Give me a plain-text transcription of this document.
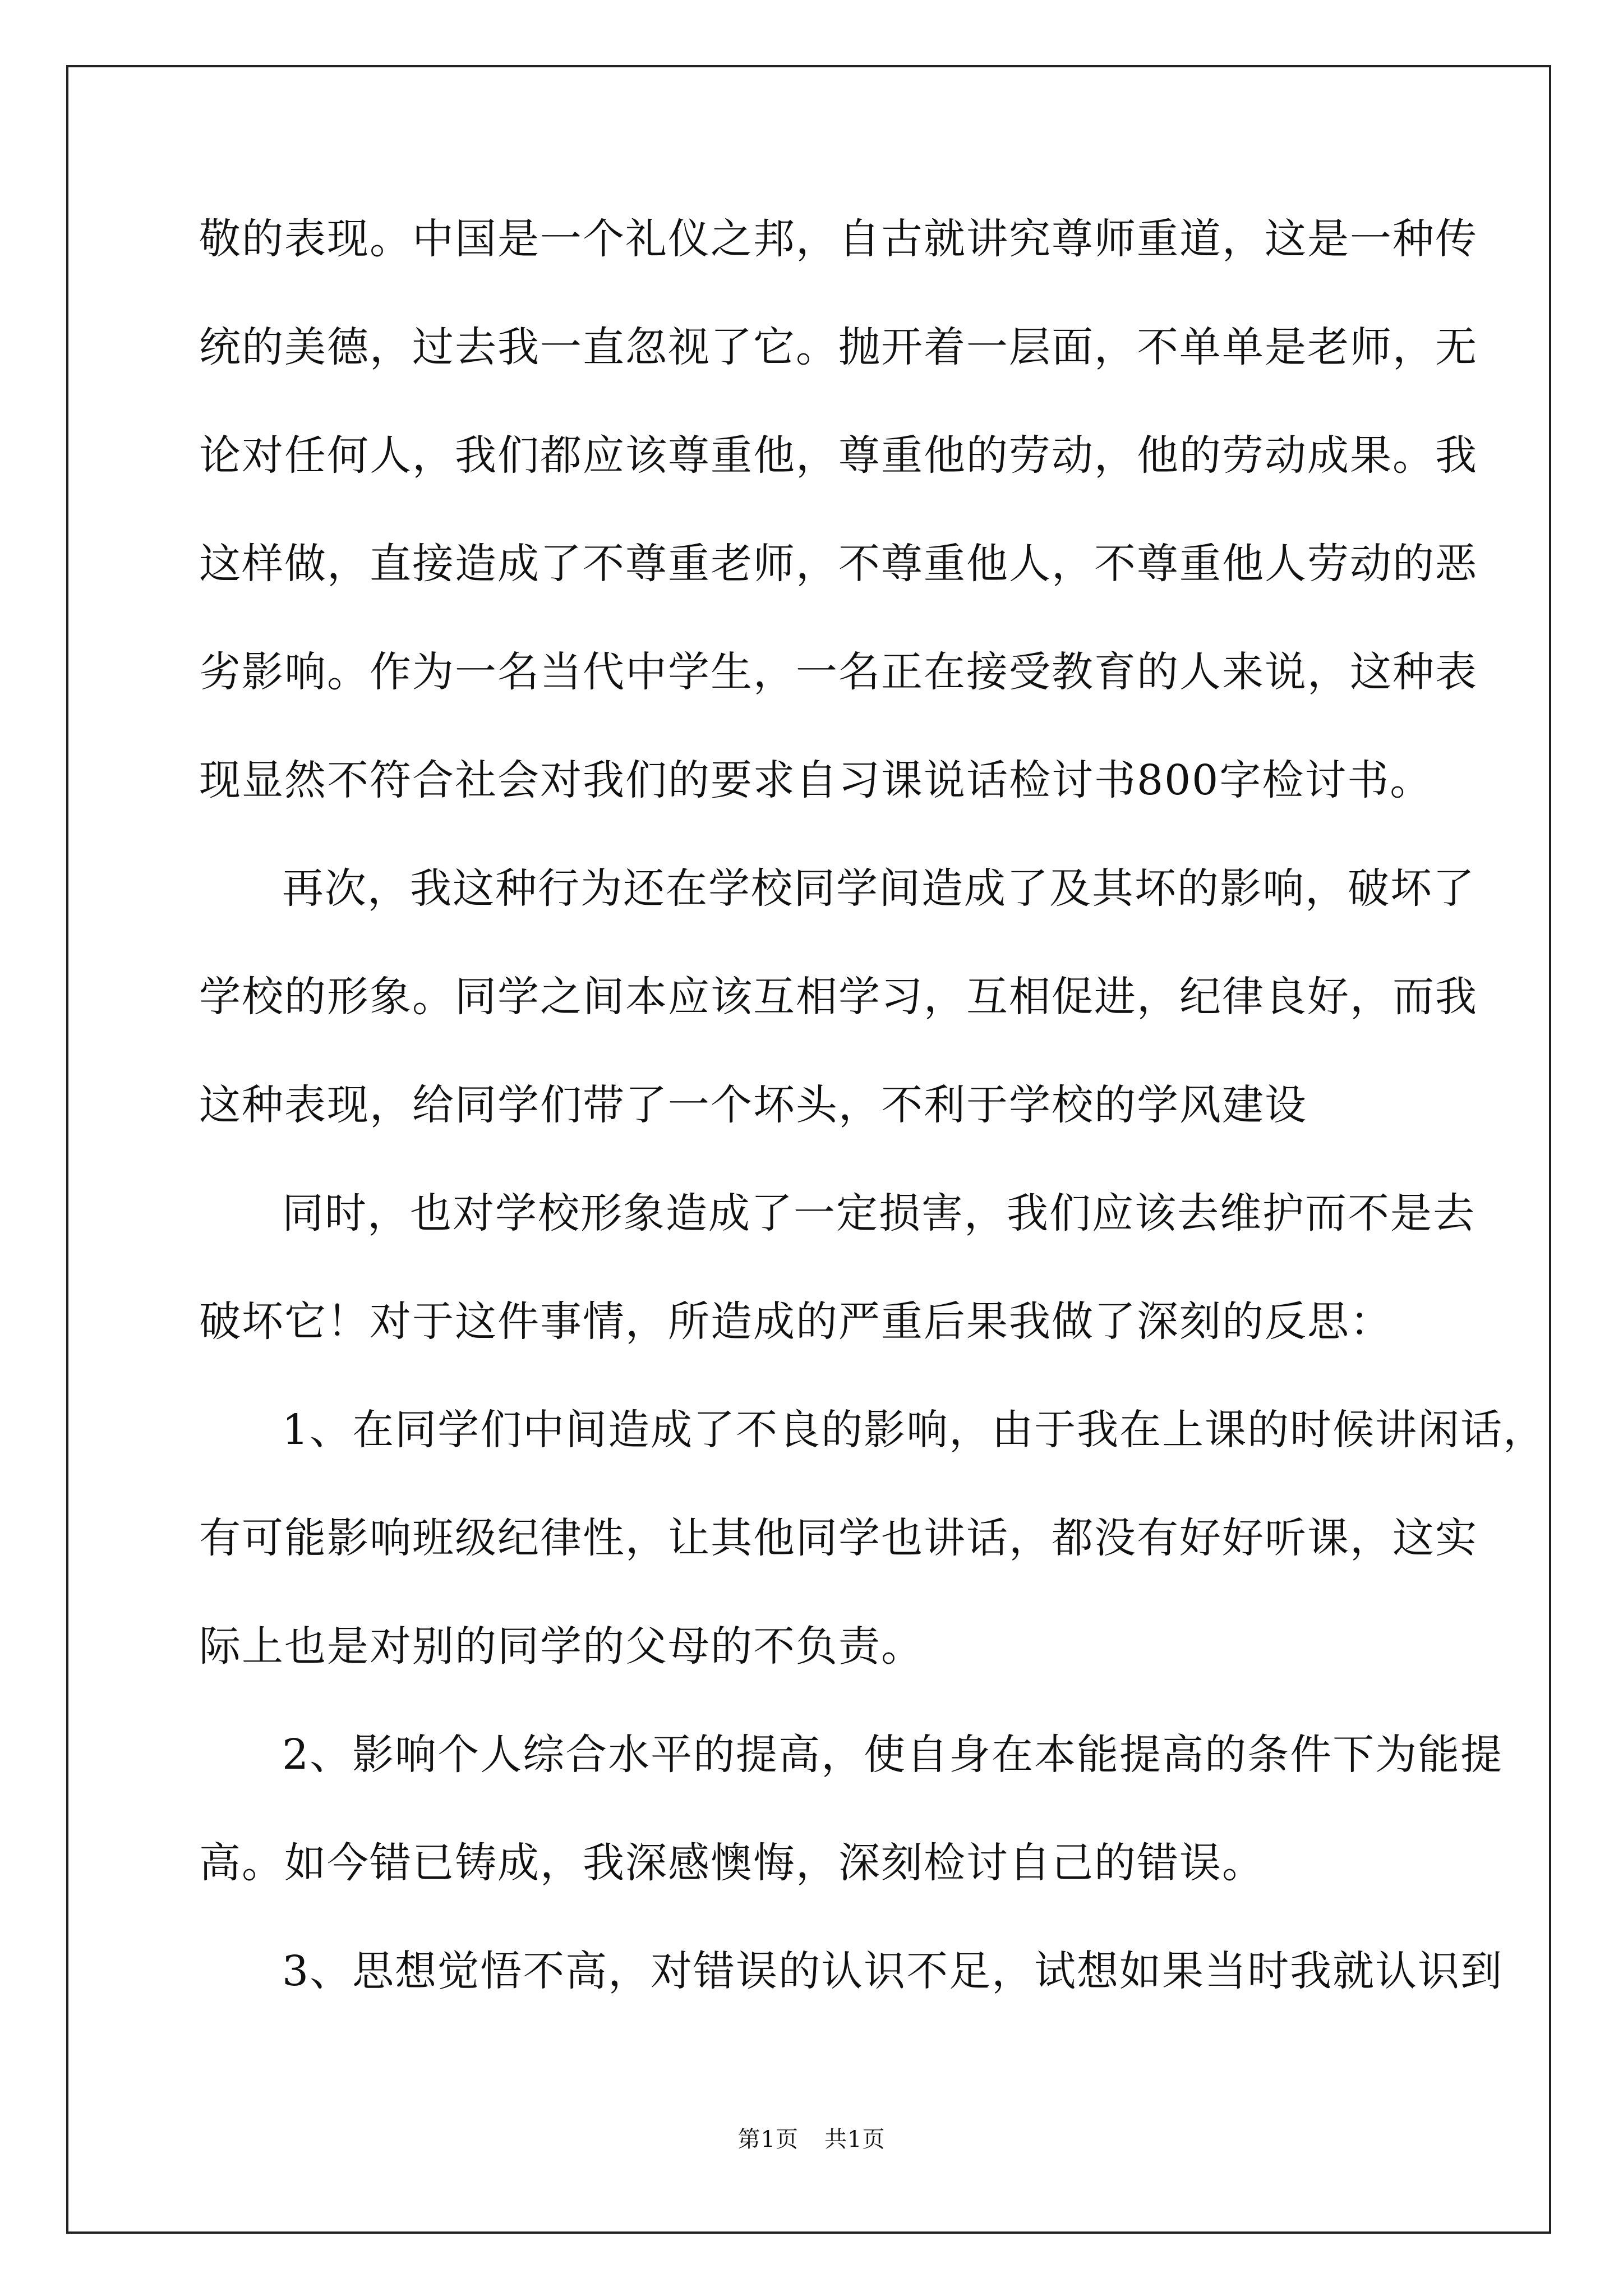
敬的表现。中国是一个礼仪之邦，自古就讲究尊师重道，这是一种传
统的美德，过去我一直忽视了它。抛开着一层面，不单单是老师，无
论对任何人，我们都应该尊重他，尊重他的劳动，他的劳动成果。我
这样做，直接造成了不尊重老师，不尊重他人，不尊重他人劳动的恶
劣影响。作为一名当代中学生，一名正在接受教育的人来说，这种表
现显然不符合社会对我们的要求自习课说话检讨书800字检讨书。
再次，我这种行为还在学校同学间造成了及其坏的影响，破坏了
学校的形象。同学之间本应该互相学习，互相促进，纪律良好，而我
这种表现，给同学们带了一个坏头，不利于学校的学风建设
同时，也对学校形象造成了一定损害，我们应该去维护而不是去
破坏它！对于这件事情，所造成的严重后果我做了深刻的反思：
1、在同学们中间造成了不良的影响，由于我在上课的时候讲闲话，
有可能影响班级纪律性，让其他同学也讲话，都没有好好听课，这实
际上也是对别的同学的父母的不负责。
2、影响个人综合水平的提高，使自身在本能提高的条件下为能提
高。如今错已铸成，我深感懊悔，深刻检讨自己的错误。
3、思想觉悟不高，对错误的认识不足，试想如果当时我就认识到
第1页 共1页
